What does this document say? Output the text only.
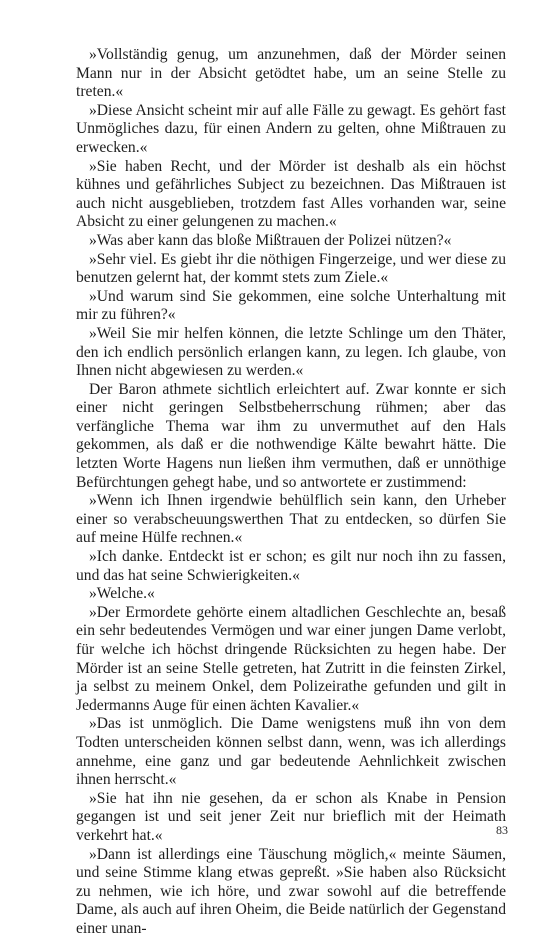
»Vollständig genug, um anzunehmen, daß der Mörder seinen Mann nur in der Absicht getödtet habe, um an seine Stelle zu treten.«

»Diese Ansicht scheint mir auf alle Fälle zu gewagt. Es gehört fast Unmögliches dazu, für einen Andern zu gelten, ohne Mißtrauen zu erwecken.«

»Sie haben Recht, und der Mörder ist deshalb als ein höchst kühnes und gefährliches Subject zu bezeichnen. Das Mißtrauen ist auch nicht ausgeblieben, trotzdem fast Alles vorhanden war, seine Absicht zu einer gelungenen zu machen.«

»Was aber kann das bloße Mißtrauen der Polizei nützen?«

»Sehr viel. Es giebt ihr die nöthigen Fingerzeige, und wer diese zu benutzen gelernt hat, der kommt stets zum Ziele.«

»Und warum sind Sie gekommen, eine solche Unterhaltung mit mir zu führen?«

»Weil Sie mir helfen können, die letzte Schlinge um den Thäter, den ich endlich persönlich erlangen kann, zu legen. Ich glaube, von Ihnen nicht abgewiesen zu werden.«

Der Baron athmete sichtlich erleichtert auf. Zwar konnte er sich einer nicht geringen Selbstbeherrschung rühmen; aber das verfängliche Thema war ihm zu unvermuthet auf den Hals gekommen, als daß er die nothwendige Kälte bewahrt hätte. Die letzten Worte Hagens nun ließen ihm vermuthen, daß er unnöthige Befürchtungen gehegt habe, und so antwortete er zustimmend:

»Wenn ich Ihnen irgendwie behülflich sein kann, den Urheber einer so verabscheuungswerthen That zu entdecken, so dürfen Sie auf meine Hülfe rechnen.«

»Ich danke. Entdeckt ist er schon; es gilt nur noch ihn zu fassen, und das hat seine Schwierigkeiten.«

»Welche.«

»Der Ermordete gehörte einem altadlichen Geschlechte an, besaß ein sehr bedeutendes Vermögen und war einer jungen Dame verlobt, für welche ich höchst dringende Rücksichten zu hegen habe. Der Mörder ist an seine Stelle getreten, hat Zutritt in die feinsten Zirkel, ja selbst zu meinem Onkel, dem Polizeirathe gefunden und gilt in Jedermanns Auge für einen ächten Kavalier.«

»Das ist unmöglich. Die Dame wenigstens muß ihn von dem Todten unterscheiden können selbst dann, wenn, was ich allerdings annehme, eine ganz und gar bedeutende Aehnlichkeit zwischen ihnen herrscht.«

»Sie hat ihn nie gesehen, da er schon als Knabe in Pension gegangen ist und seit jener Zeit nur brieflich mit der Heimath verkehrt hat.«

»Dann ist allerdings eine Täuschung möglich,« meinte Säumen, und seine Stimme klang etwas gepreßt. »Sie haben also Rücksicht zu nehmen, wie ich höre, und zwar sowohl auf die betreffende Dame, als auch auf ihren Oheim, die Beide natürlich der Gegenstand einer unan-

83
